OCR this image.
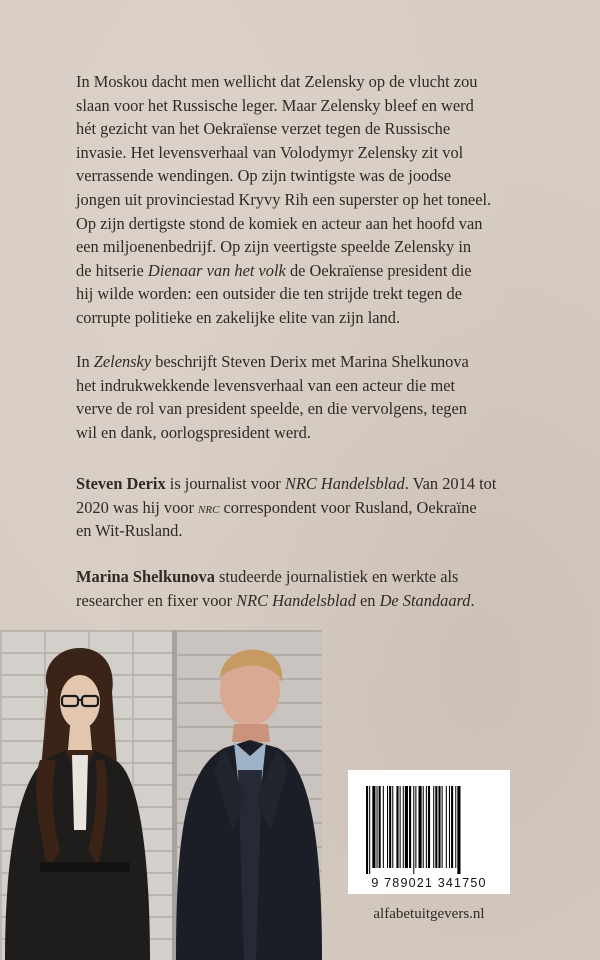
In Moskou dacht men wellicht dat Zelensky op de vlucht zou
slaan voor het Russische leger. Maar Zelensky bleef en werd
hét gezicht van het Oekraïense verzet tegen de Russische
invasie. Het levensverhaal van Volodymyr Zelensky zit vol
verrassende wendingen. Op zijn twintigste was de joodse
jongen uit provinciestad Kryvy Rih een superster op het toneel.
Op zijn dertigste stond de komiek en acteur aan het hoofd van
een miljoenenbedrijf. Op zijn veertigste speelde Zelensky in
de hitserie Dienaar van het volk de Oekraïense president die
hij wilde worden: een outsider die ten strijde trekt tegen de
corrupte politieke en zakelijke elite van zijn land.

In Zelensky beschrijft Steven Derix met Marina Shelkunova
het indrukwekkende levensverhaal van een acteur die met
verve de rol van president speelde, en die vervolgens, tegen
wil en dank, oorlogspresident werd.

Steven Derix is journalist voor NRC Handelsblad. Van 2014 tot
2020 was hij voor nrc correspondent voor Rusland, Oekraïne
en Wit-Rusland.

Marina Shelkunova studeerde journalistiek en werkte als
researcher en fixer voor NRC Handelsblad en De Standaard.

9 789021 341750
alfabetuitgevers.nl
